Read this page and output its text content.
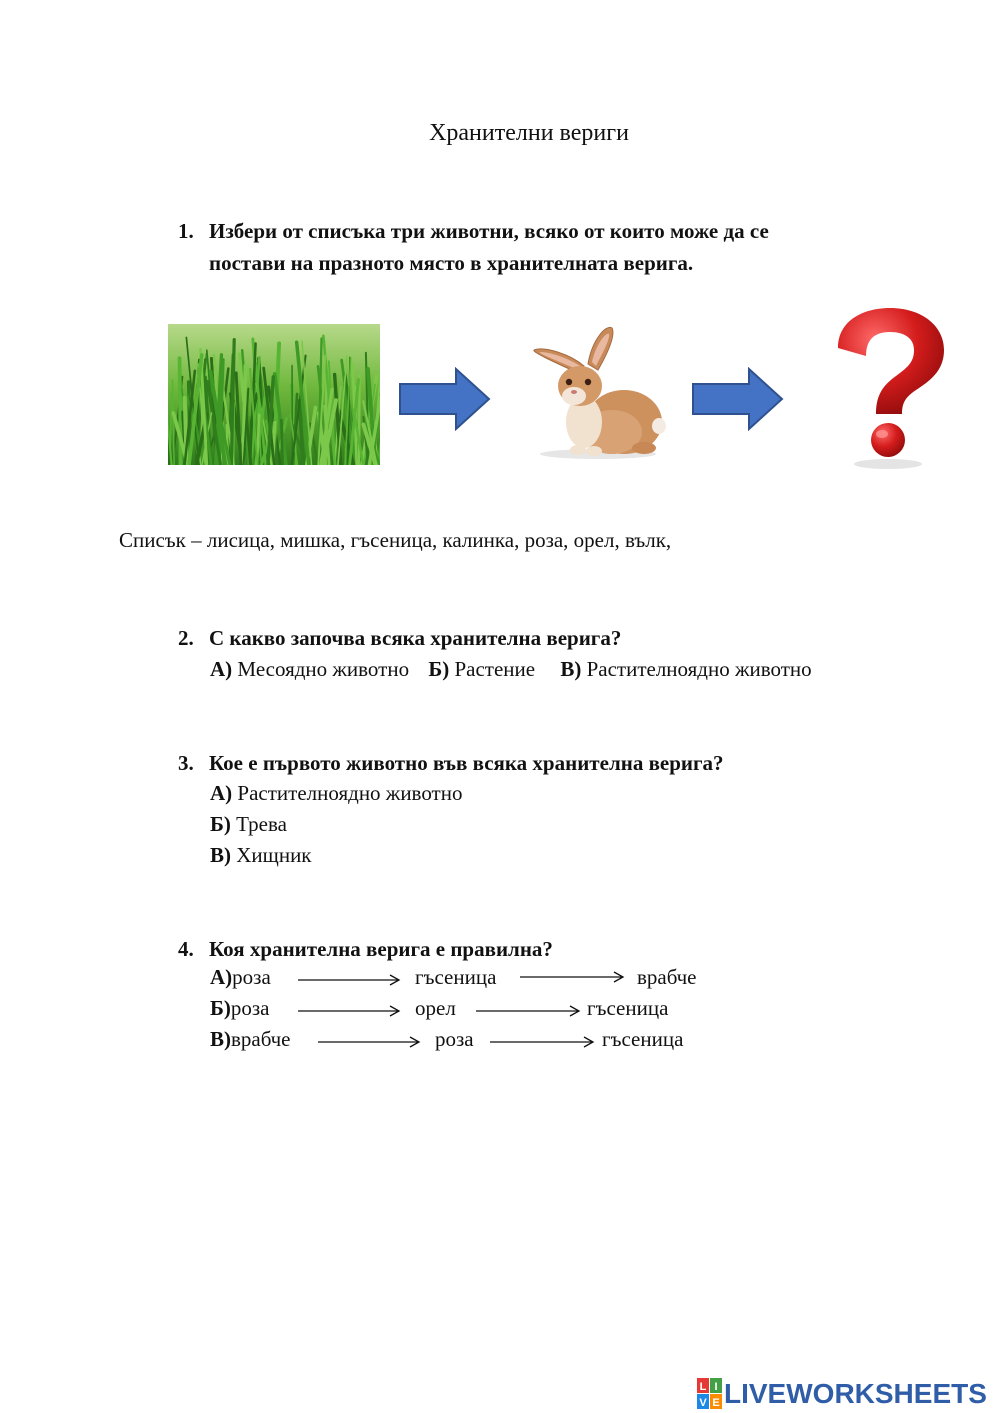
Хранителни вериги
1. Избери от списъка три животни, всяко от които може да се
постави на празното място в хранителната верига.
Списък – лисица, мишка, гъсеница, калинка, роза, орел, вълк,
2. С какво започва всяка хранителна верига?
А) Месоядно животно Б) Растение В) Растителноядно животно
3. Кое е първото животно във всяка хранителна верига?
А) Растителноядно животно
Б) Трева
В) Хищник
4. Коя хранителна верига е правилна?
А) роза	гъсеница	врабче
Б) роза	орел	гъсеница
В) врабче	роза	гъсеница
L I
V E LIVEWORKSHEETS
